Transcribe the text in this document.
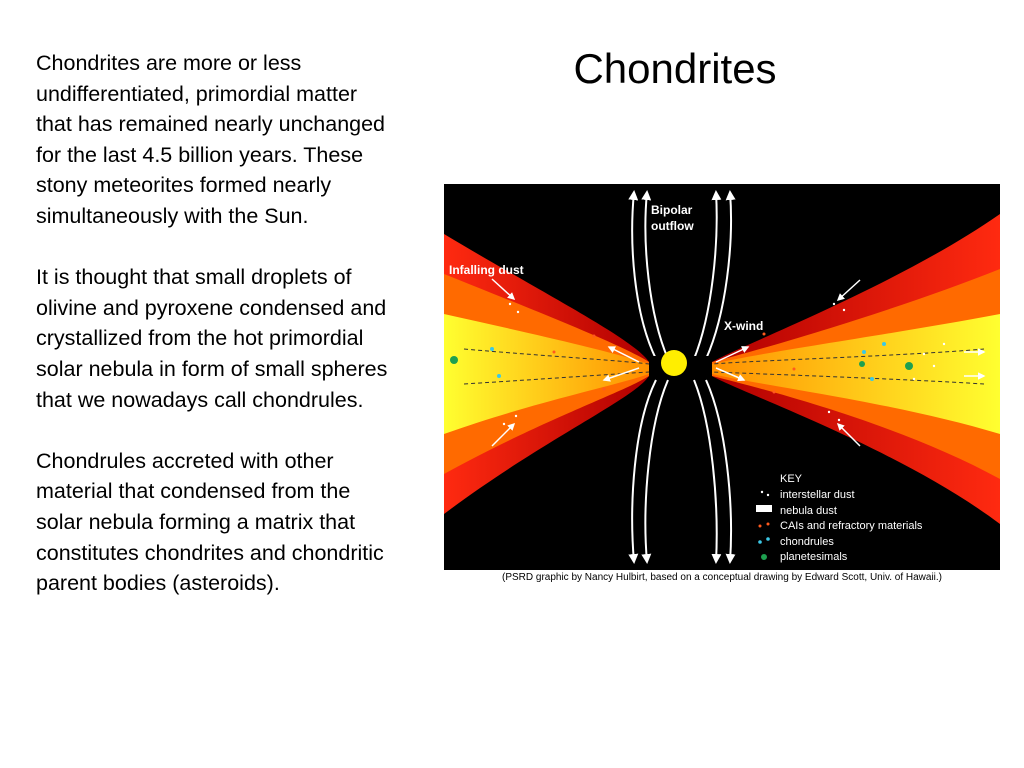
Chondrites

Chondrites are more or less undifferentiated, primordial matter that has remained nearly unchanged for the last 4.5 billion years. These stony meteorites formed nearly simultaneously with the Sun.

It is thought that small droplets of olivine and pyroxene condensed and crystallized from the hot primordial solar nebula in form of small spheres that we nowadays call chondrules.

Chondrules accreted with other material that condensed from the solar nebula forming a matrix that constitutes chondrites and chondritic parent bodies (asteroids).

Bipolar
outflow
Infalling dust
X-wind
KEY
interstellar dust
nebula dust
CAIs and refractory materials
chondrules
planetesimals
(PSRD graphic by Nancy Hulbirt, based on a conceptual drawing by Edward Scott, Univ. of Hawaii.)
